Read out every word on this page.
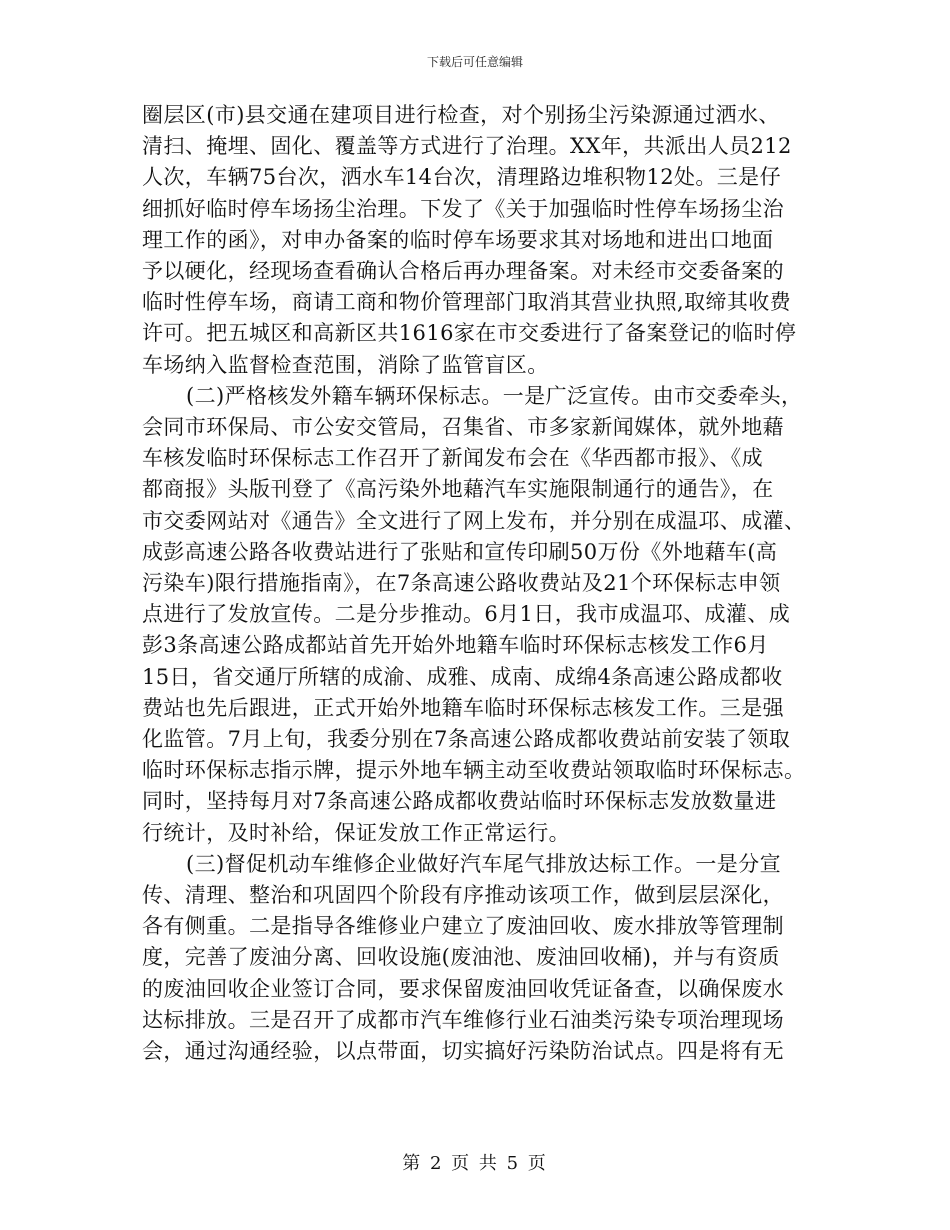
下载后可任意编辑
圈层区(市)县交通在建项目进行检查，对个别扬尘污染源通过洒水、
清扫、掩埋、固化、覆盖等方式进行了治理。XX年，共派出人员212
人次，车辆75台次，洒水车14台次，清理路边堆积物12处。三是仔
细抓好临时停车场扬尘治理。下发了《关于加强临时性停车场扬尘治
理工作的函》，对申办备案的临时停车场要求其对场地和进出口地面
予以硬化，经现场查看确认合格后再办理备案。对未经市交委备案的
临时性停车场，商请工商和物价管理部门取消其营业执照,取缔其收费
许可。把五城区和高新区共1616家在市交委进行了备案登记的临时停
车场纳入监督检查范围，消除了监管盲区。
(二)严格核发外籍车辆环保标志。一是广泛宣传。由市交委牵头，
会同市环保局、市公安交管局，召集省、市多家新闻媒体，就外地藉
车核发临时环保标志工作召开了新闻发布会在《华西都市报》、《成
都商报》头版刊登了《高污染外地藉汽车实施限制通行的通告》，在
市交委网站对《通告》全文进行了网上发布，并分别在成温邛、成灌、
成彭高速公路各收费站进行了张贴和宣传印刷50万份《外地藉车(高
污染车)限行措施指南》，在7条高速公路收费站及21个环保标志申领
点进行了发放宣传。二是分步推动。6月1日，我市成温邛、成灌、成
彭3条高速公路成都站首先开始外地籍车临时环保标志核发工作6月
15日，省交通厅所辖的成渝、成雅、成南、成绵4条高速公路成都收
费站也先后跟进，正式开始外地籍车临时环保标志核发工作。三是强
化监管。7月上旬，我委分别在7条高速公路成都收费站前安装了领取
临时环保标志指示牌，提示外地车辆主动至收费站领取临时环保标志。
同时，坚持每月对7条高速公路成都收费站临时环保标志发放数量进
行统计，及时补给，保证发放工作正常运行。
(三)督促机动车维修企业做好汽车尾气排放达标工作。一是分宣
传、清理、整治和巩固四个阶段有序推动该项工作，做到层层深化，
各有侧重。二是指导各维修业户建立了废油回收、废水排放等管理制
度，完善了废油分离、回收设施(废油池、废油回收桶)，并与有资质
的废油回收企业签订合同，要求保留废油回收凭证备查，以确保废水
达标排放。三是召开了成都市汽车维修行业石油类污染专项治理现场
会，通过沟通经验，以点带面，切实搞好污染防治试点。四是将有无
第 2 页 共 5 页
